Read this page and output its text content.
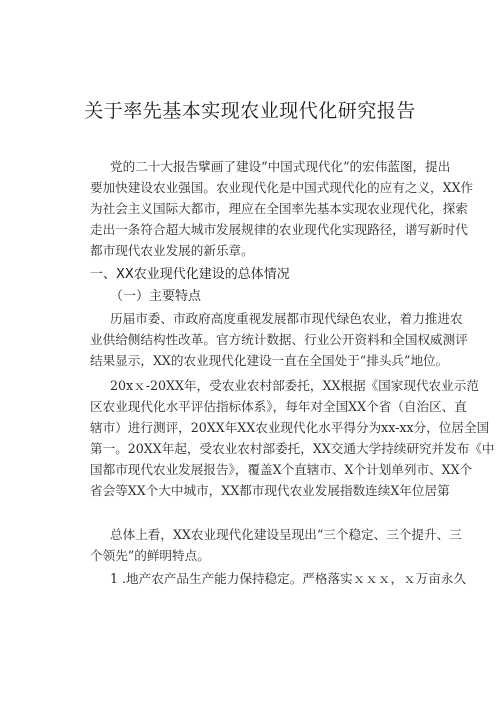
关于率先基本实现农业现代化研究报告
党的二十大报告擘画了建设“中国式现代化”的宏伟蓝图，提出
要加快建设农业强国。农业现代化是中国式现代化的应有之义，XX作
为社会主义国际大都市，理应在全国率先基本实现农业现代化，探索
走出一条符合超大城市发展规律的农业现代化实现路径，谱写新时代
都市现代农业发展的新乐章。
一、XX农业现代化建设的总体情况
（一）主要特点
历届市委、市政府高度重视发展都市现代绿色农业，着力推进农
业供给侧结构性改革。官方统计数据、行业公开资料和全国权威测评
结果显示，XX的农业现代化建设一直在全国处于“排头兵”地位。
20xｘ-20XX年，受农业农村部委托，XX根据《国家现代农业示范
区农业现代化水平评估指标体系》，每年对全国XX个省（自治区、直
辖市）进行测评，20XX年XX农业现代化水平得分为xx-xx分，位居全国
第一。20XX年起，受农业农村部委托，XX交通大学持续研究并发布《中
国都市现代农业发展报告》，覆盖X个直辖市、X个计划单列市、XX个
省会等XX个大中城市，XX都市现代农业发展指数连续X年位居第
总体上看，XX农业现代化建设呈现出“三个稳定、三个提升、三
个领先”的鲜明特点。
1 .地产农产品生产能力保持稳定。严格落实ｘｘｘ，ｘ万亩永久
